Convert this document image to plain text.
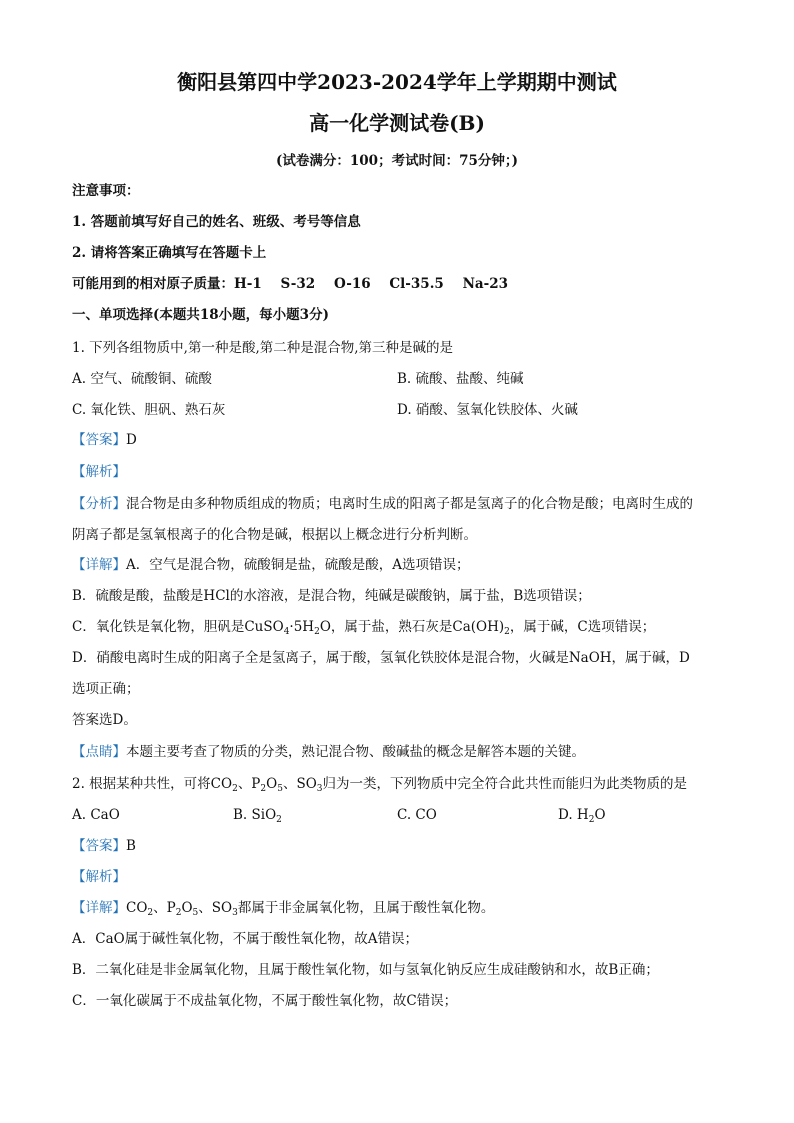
衡阳县第四中学2023-2024学年上学期期中测试
高一化学测试卷(B)
(试卷满分：100；考试时间：75分钟；)
注意事项：
1. 答题前填写好自己的姓名、班级、考号等信息
2. 请将答案正确填写在答题卡上
可能用到的相对原子质量：H-1    S-32    O-16    Cl-35.5    Na-23
一、单项选择(本题共18小题，每小题3分)
1. 下列各组物质中,第一种是酸,第二种是混合物,第三种是碱的是
A. 空气、硫酸铜、硫酸	B. 硫酸、盐酸、纯碱
C. 氧化铁、胆矾、熟石灰	D. 硝酸、氢氧化铁胶体、火碱
【答案】D
【解析】
【分析】混合物是由多种物质组成的物质；电离时生成的阳离子都是氢离子的化合物是酸；电离时生成的
阴离子都是氢氧根离子的化合物是碱，根据以上概念进行分析判断。
【详解】A．空气是混合物，硫酸铜是盐，硫酸是酸，A选项错误；
B．硫酸是酸，盐酸是HCl的水溶液，是混合物，纯碱是碳酸钠，属于盐，B选项错误；
C．氧化铁是氧化物，胆矾是$CuSO_4\cdot 5H_2O$，属于盐，熟石灰是$Ca(OH)_2$，属于碱，C选项错误；
D．硝酸电离时生成的阳离子全是氢离子，属于酸，氢氧化铁胶体是混合物，火碱是NaOH，属于碱，D
选项正确；
答案选D。
【点睛】本题主要考查了物质的分类，熟记混合物、酸碱盐的概念是解答本题的关键。
2. 根据某种共性，可将$CO_2$、$P_2O_5$、$SO_3$归为一类，下列物质中完全符合此共性而能归为此类物质的是
A. CaO	B. SiO$_2$	C. CO	D. $H_2O$
【答案】B
【解析】
【详解】$CO_2$、$P_2O_5$、$SO_3$都属于非金属氧化物，且属于酸性氧化物。
A．CaO属于碱性氧化物，不属于酸性氧化物，故A错误；
B．二氧化硅是非金属氧化物，且属于酸性氧化物，如与氢氧化钠反应生成硅酸钠和水，故B正确；
C．一氧化碳属于不成盐氧化物，不属于酸性氧化物，故C错误；
